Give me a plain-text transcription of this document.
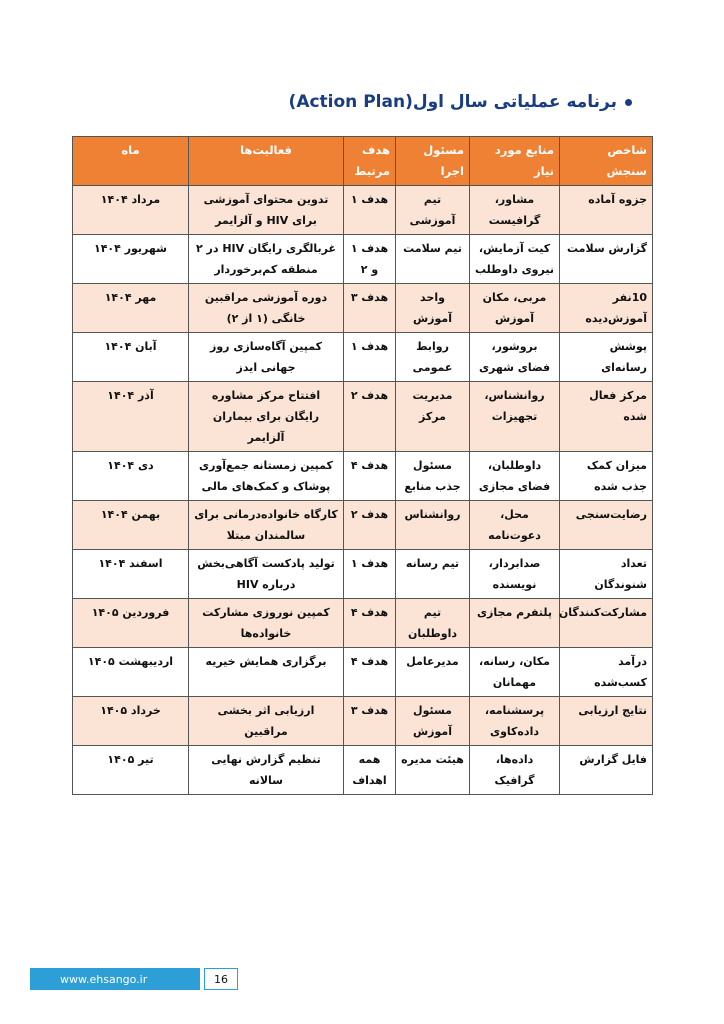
برنامه عملیاتی سال اول(Action Plan)
شاخص سنجش	منابع مورد نیاز	مسئول اجرا	هدف مرتبط	فعالیت‌ها	ماه
جزوه آماده	مشاور، گرافیست	تیم آموزشی	هدف ۱	تدوین محتوای آموزشی برای HIV و آلزایمر	مرداد ۱۴۰۴
گزارش سلامت	کیت آزمایش، نیروی داوطلب	تیم سلامت	هدف ۱ و ۲	غربالگری رایگان HIV در ۲ منطقه کم‌برخوردار	شهریور ۱۴۰۴
10نفر آموزش‌دیده	مربی، مکان آموزش	واحد آموزش	هدف ۳	دوره آموزشی مراقبین خانگی (۱ از ۲)	مهر ۱۴۰۴
پوشش رسانه‌ای	بروشور، فضای شهری	روابط عمومی	هدف ۱	کمپین آگاه‌سازی روز جهانی ایدز	آبان ۱۴۰۴
مرکز فعال شده	روانشناس، تجهیزات	مدیریت مرکز	هدف ۲	افتتاح مرکز مشاوره رایگان برای بیماران آلزایمر	آذر ۱۴۰۴
میزان کمک جذب شده	داوطلبان، فضای مجازی	مسئول جذب منابع	هدف ۴	کمپین زمستانه جمع‌آوری پوشاک و کمک‌های مالی	دی ۱۴۰۴
رضایت‌سنجی	محل، دعوت‌نامه	روانشناس	هدف ۲	کارگاه خانواده‌درمانی برای سالمندان مبتلا	بهمن ۱۴۰۴
تعداد شنوندگان	صدابردار، نویسنده	تیم رسانه	هدف ۱	تولید پادکست آگاهی‌بخش درباره HIV	اسفند ۱۴۰۴
مشارکت‌کنندگان	پلتفرم مجازی	تیم داوطلبان	هدف ۴	کمپین نوروزی مشارکت خانواده‌ها	فروردین ۱۴۰۵
درآمد کسب‌شده	مکان، رسانه، مهمانان	مدیرعامل	هدف ۴	برگزاری همایش خیریه	اردیبهشت ۱۴۰۵
نتایج ارزیابی	پرسشنامه، داده‌کاوی	مسئول آموزش	هدف ۳	ارزیابی اثر بخشی مراقبین	خرداد ۱۴۰۵
فایل گزارش	داده‌ها، گرافیک	هیئت مدیره	همه اهداف	تنظیم گزارش نهایی سالانه	تیر ۱۴۰۵
www.ehsango.ir	16
